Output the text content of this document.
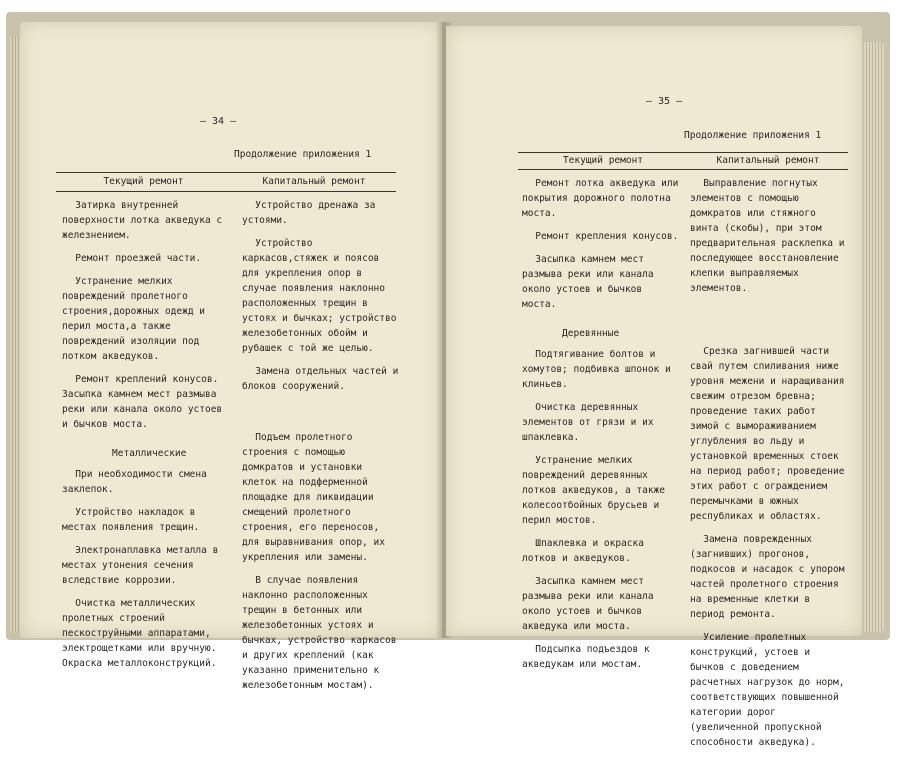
— 34 —
Продолжение приложения 1
Текущий ремонт	Капитальный ремонт

Затирка внутренней поверхности лотка акведука с железнением.

Ремонт проезжей части.

Устранение мелких повреждений пролетного строения,дорожных одежд и перил моста,а также повреждений изоляции под лотком акведуков.

Ремонт креплений конусов. Засыпка камнем мест размыва реки или канала около устоев и бычков моста.

Металлические

При необходимости смена заклепок.

Устройство накладок в местах появления трещин.

Электронаплавка металла в местах утонения сечения вследствие коррозии.

Очистка металлических пролетных строений пескоструйными аппаратами, электрощетками или вручную. Окраска металлоконструкций.

Устройство дренажа за устоями.

Устройство каркасов,стяжек и поясов для укрепления опор в случае появления наклонно расположенных трещин в устоях и бычках; устройство железобетонных обойм и рубашек с той же целью.

Замена отдельных частей и блоков сооружений.

Подъем пролетного строения с помощью домкратов и установки клеток на подферменной площадке для ликвидации смещений пролетного строения, его переносов, для выравнивания опор, их укрепления или замены.

В случае появления наклонно расположенных трещин в бетонных или железобетонных устоях и бычках, устройство каркасов и других креплений (как указанно применительно к железобетонным мостам).

— 35 —
Продолжение приложения 1
Текущий ремонт	Капитальный ремонт

Ремонт лотка акведука или покрытия дорожного полотна моста.

Ремонт крепления конусов.

Засыпка камнем мест размыва реки или канала около устоев и бычков моста.

Деревянные

Подтягивание болтов и хомутов; подбивка шпонок и клиньев.

Очистка деревянных элементов от грязи и их шпаклевка.

Устранение мелких повреждений деревянных лотков акведуков, а также колесоотбойных брусьев и перил мостов.

Шпаклевка и окраска лотков и акведуков.

Засыпка камнем мест размыва реки или канала около устоев и бычков акведука или моста.

Подсыпка подъездов к акведукам или мостам.

Выправление погнутых элементов с помощью домкратов или стяжного винта (скобы), при этом предварительная расклепка и последующее восстановление клепки выправляемых элементов.

Срезка загнившей части свай путем спиливания ниже уровня межени и наращивания свежим отрезом бревна; проведение таких работ зимой с вымораживанием углубления во льду и установкой временных стоек на период работ; проведение этих работ с ограждением перемычками в южных республиках и областях.

Замена поврежденных (загнивших) прогонов, подкосов и насадок с упором частей пролетного строения на временные клетки в период ремонта.

Усиление пролетных конструкций, устоев и бычков с доведением расчетных нагрузок до норм, соответствующих повышенной категории дорог (увеличенной пропускной способности акведука).
